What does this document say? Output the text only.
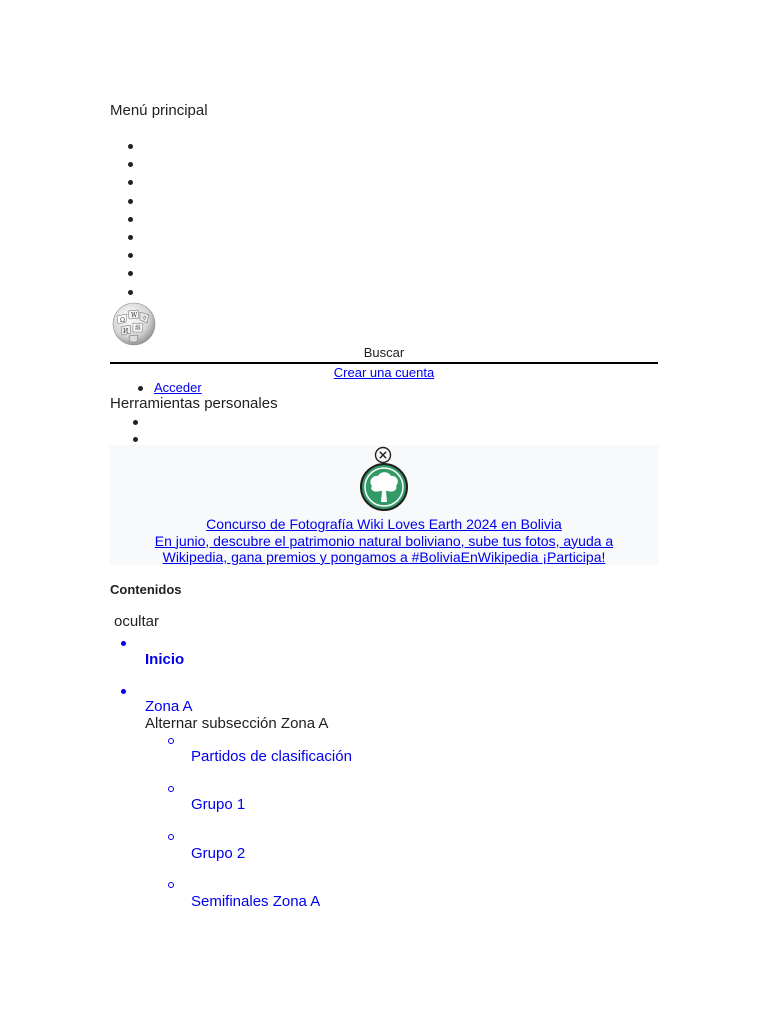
Menú principal
Ω
W
И 維
ウ
Buscar
Crear una cuenta
Acceder
Herramientas personales
Concurso de Fotografía Wiki Loves Earth 2024 en Bolivia
En junio, descubre el patrimonio natural boliviano, sube tus fotos, ayuda a
Wikipedia, gana premios y pongamos a #BoliviaEnWikipedia ¡Participa!
Contenidos
ocultar
Inicio
Zona A
Alternar subsección Zona A
Partidos de clasificación
Grupo 1
Grupo 2
Semifinales Zona A
